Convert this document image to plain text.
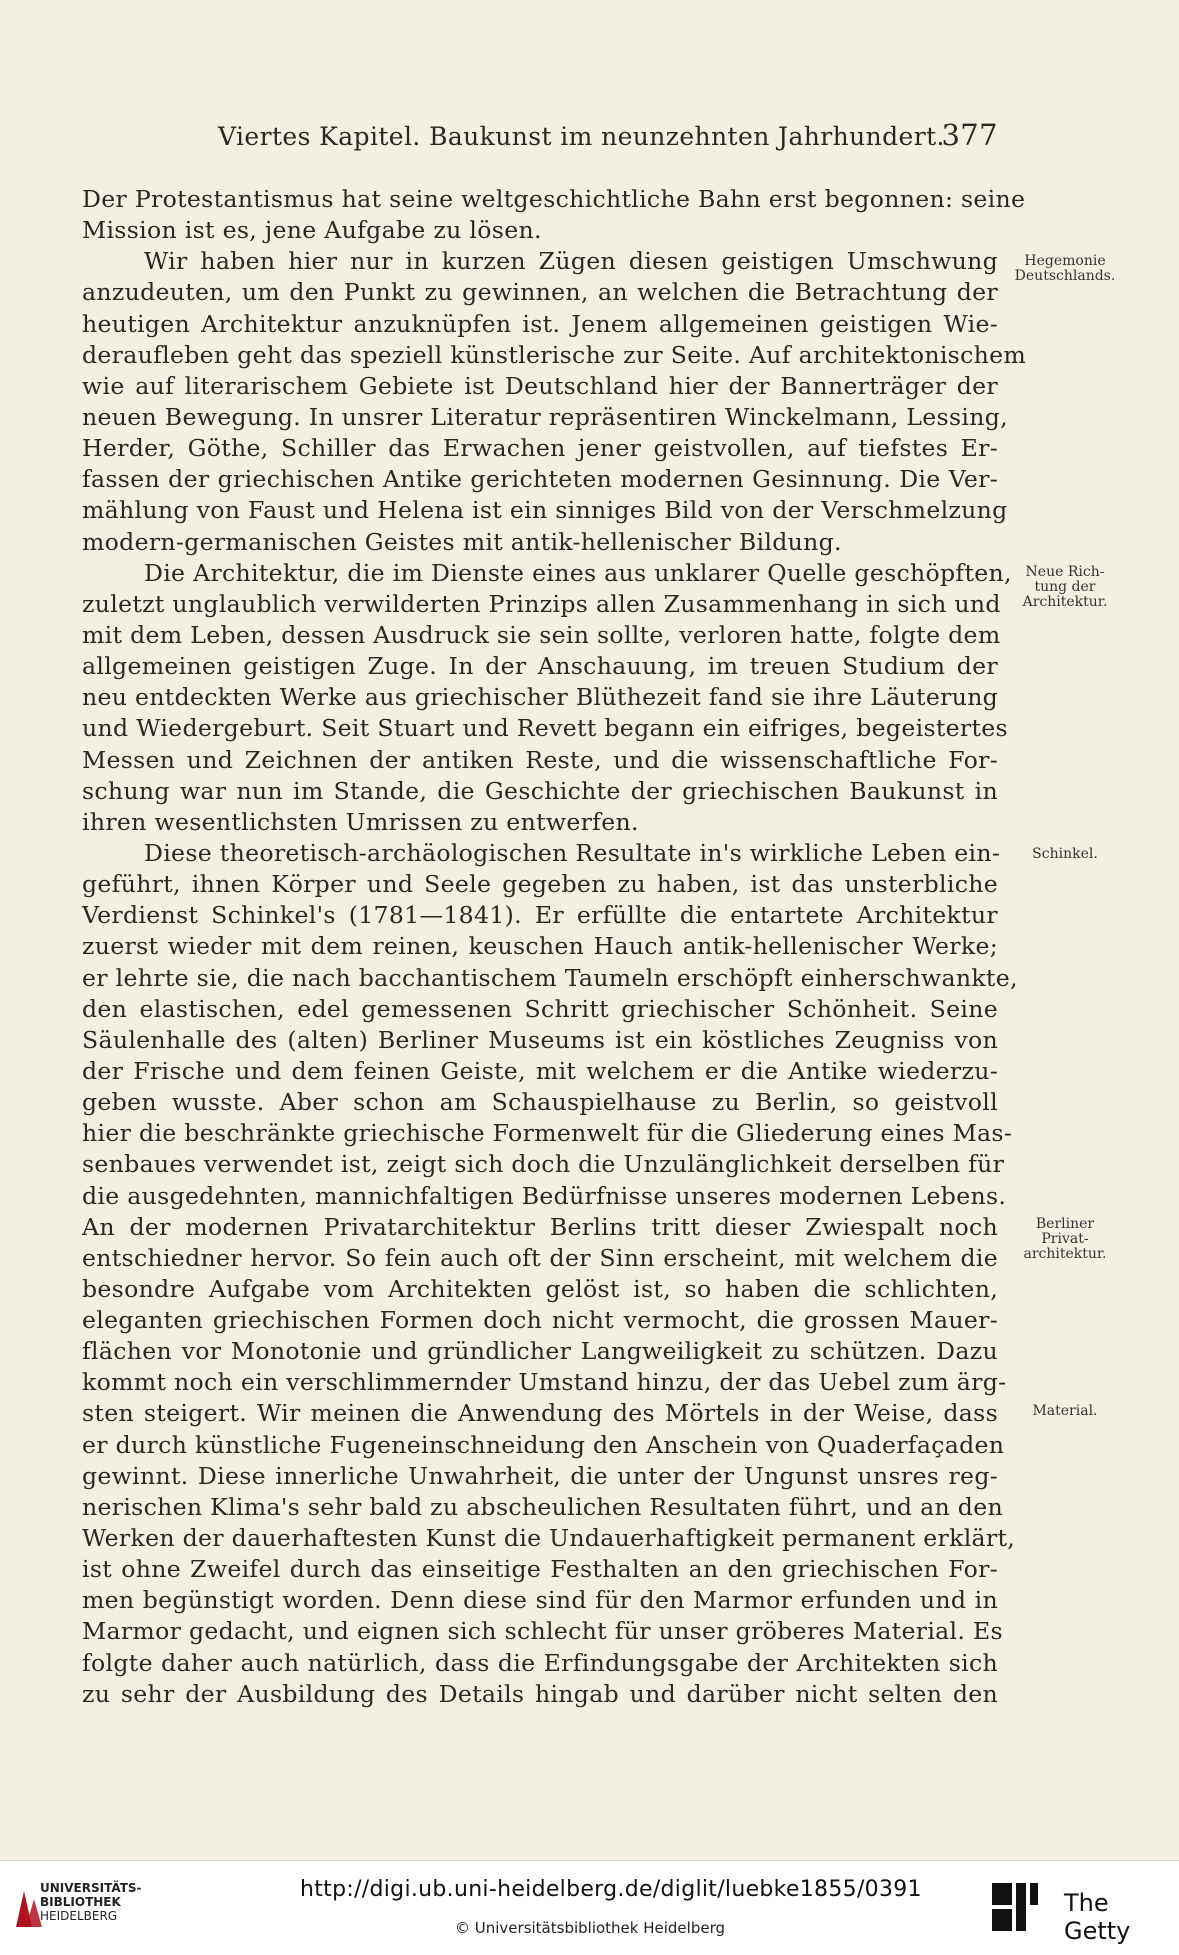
Viertes Kapitel. Baukunst im neunzehnten Jahrhundert.
377
Der Protestantismus hat seine weltgeschichtliche Bahn erst begonnen: seine
Mission ist es, jene Aufgabe zu lösen.
Wir haben hier nur in kurzen Zügen diesen geistigen Umschwung
anzudeuten, um den Punkt zu gewinnen, an welchen die Betrachtung der
heutigen Architektur anzuknüpfen ist. Jenem allgemeinen geistigen Wie-
deraufleben geht das speziell künstlerische zur Seite. Auf architektonischem
wie auf literarischem Gebiete ist Deutschland hier der Bannerträger der
neuen Bewegung. In unsrer Literatur repräsentiren Winckelmann, Lessing,
Herder, Göthe, Schiller das Erwachen jener geistvollen, auf tiefstes Er-
fassen der griechischen Antike gerichteten modernen Gesinnung. Die Ver-
mählung von Faust und Helena ist ein sinniges Bild von der Verschmelzung
modern-germanischen Geistes mit antik-hellenischer Bildung.
Die Architektur, die im Dienste eines aus unklarer Quelle geschöpften,
zuletzt unglaublich verwilderten Prinzips allen Zusammenhang in sich und
mit dem Leben, dessen Ausdruck sie sein sollte, verloren hatte, folgte dem
allgemeinen geistigen Zuge. In der Anschauung, im treuen Studium der
neu entdeckten Werke aus griechischer Blüthezeit fand sie ihre Läuterung
und Wiedergeburt. Seit Stuart und Revett begann ein eifriges, begeistertes
Messen und Zeichnen der antiken Reste, und die wissenschaftliche For-
schung war nun im Stande, die Geschichte der griechischen Baukunst in
ihren wesentlichsten Umrissen zu entwerfen.
Diese theoretisch-archäologischen Resultate in's wirkliche Leben ein-
geführt, ihnen Körper und Seele gegeben zu haben, ist das unsterbliche
Verdienst Schinkel's (1781—1841). Er erfüllte die entartete Architektur
zuerst wieder mit dem reinen, keuschen Hauch antik-hellenischer Werke;
er lehrte sie, die nach bacchantischem Taumeln erschöpft einherschwankte,
den elastischen, edel gemessenen Schritt griechischer Schönheit. Seine
Säulenhalle des (alten) Berliner Museums ist ein köstliches Zeugniss von
der Frische und dem feinen Geiste, mit welchem er die Antike wiederzu-
geben wusste. Aber schon am Schauspielhause zu Berlin, so geistvoll
hier die beschränkte griechische Formenwelt für die Gliederung eines Mas-
senbaues verwendet ist, zeigt sich doch die Unzulänglichkeit derselben für
die ausgedehnten, mannichfaltigen Bedürfnisse unseres modernen Lebens.
An der modernen Privatarchitektur Berlins tritt dieser Zwiespalt noch
entschiedner hervor. So fein auch oft der Sinn erscheint, mit welchem die
besondre Aufgabe vom Architekten gelöst ist, so haben die schlichten,
eleganten griechischen Formen doch nicht vermocht, die grossen Mauer-
flächen vor Monotonie und gründlicher Langweiligkeit zu schützen. Dazu
kommt noch ein verschlimmernder Umstand hinzu, der das Uebel zum ärg-
sten steigert. Wir meinen die Anwendung des Mörtels in der Weise, dass
er durch künstliche Fugeneinschneidung den Anschein von Quaderfaçaden
gewinnt. Diese innerliche Unwahrheit, die unter der Ungunst unsres reg-
nerischen Klima's sehr bald zu abscheulichen Resultaten führt, und an den
Werken der dauerhaftesten Kunst die Undauerhaftigkeit permanent erklärt,
ist ohne Zweifel durch das einseitige Festhalten an den griechischen For-
men begünstigt worden. Denn diese sind für den Marmor erfunden und in
Marmor gedacht, und eignen sich schlecht für unser gröberes Material. Es
folgte daher auch natürlich, dass die Erfindungsgabe der Architekten sich
zu sehr der Ausbildung des Details hingab und darüber nicht selten den
Hegemonie
Deutschlands.
Neue Rich-
tung der
Architektur.
Schinkel.
Berliner
Privat-
architektur.
Material.
UNIVERSITÄTS-
BIBLIOTHEK
HEIDELBERG
http://digi.ub.uni-heidelberg.de/diglit/luebke1855/0391
© Universitätsbibliothek Heidelberg
The Getty
